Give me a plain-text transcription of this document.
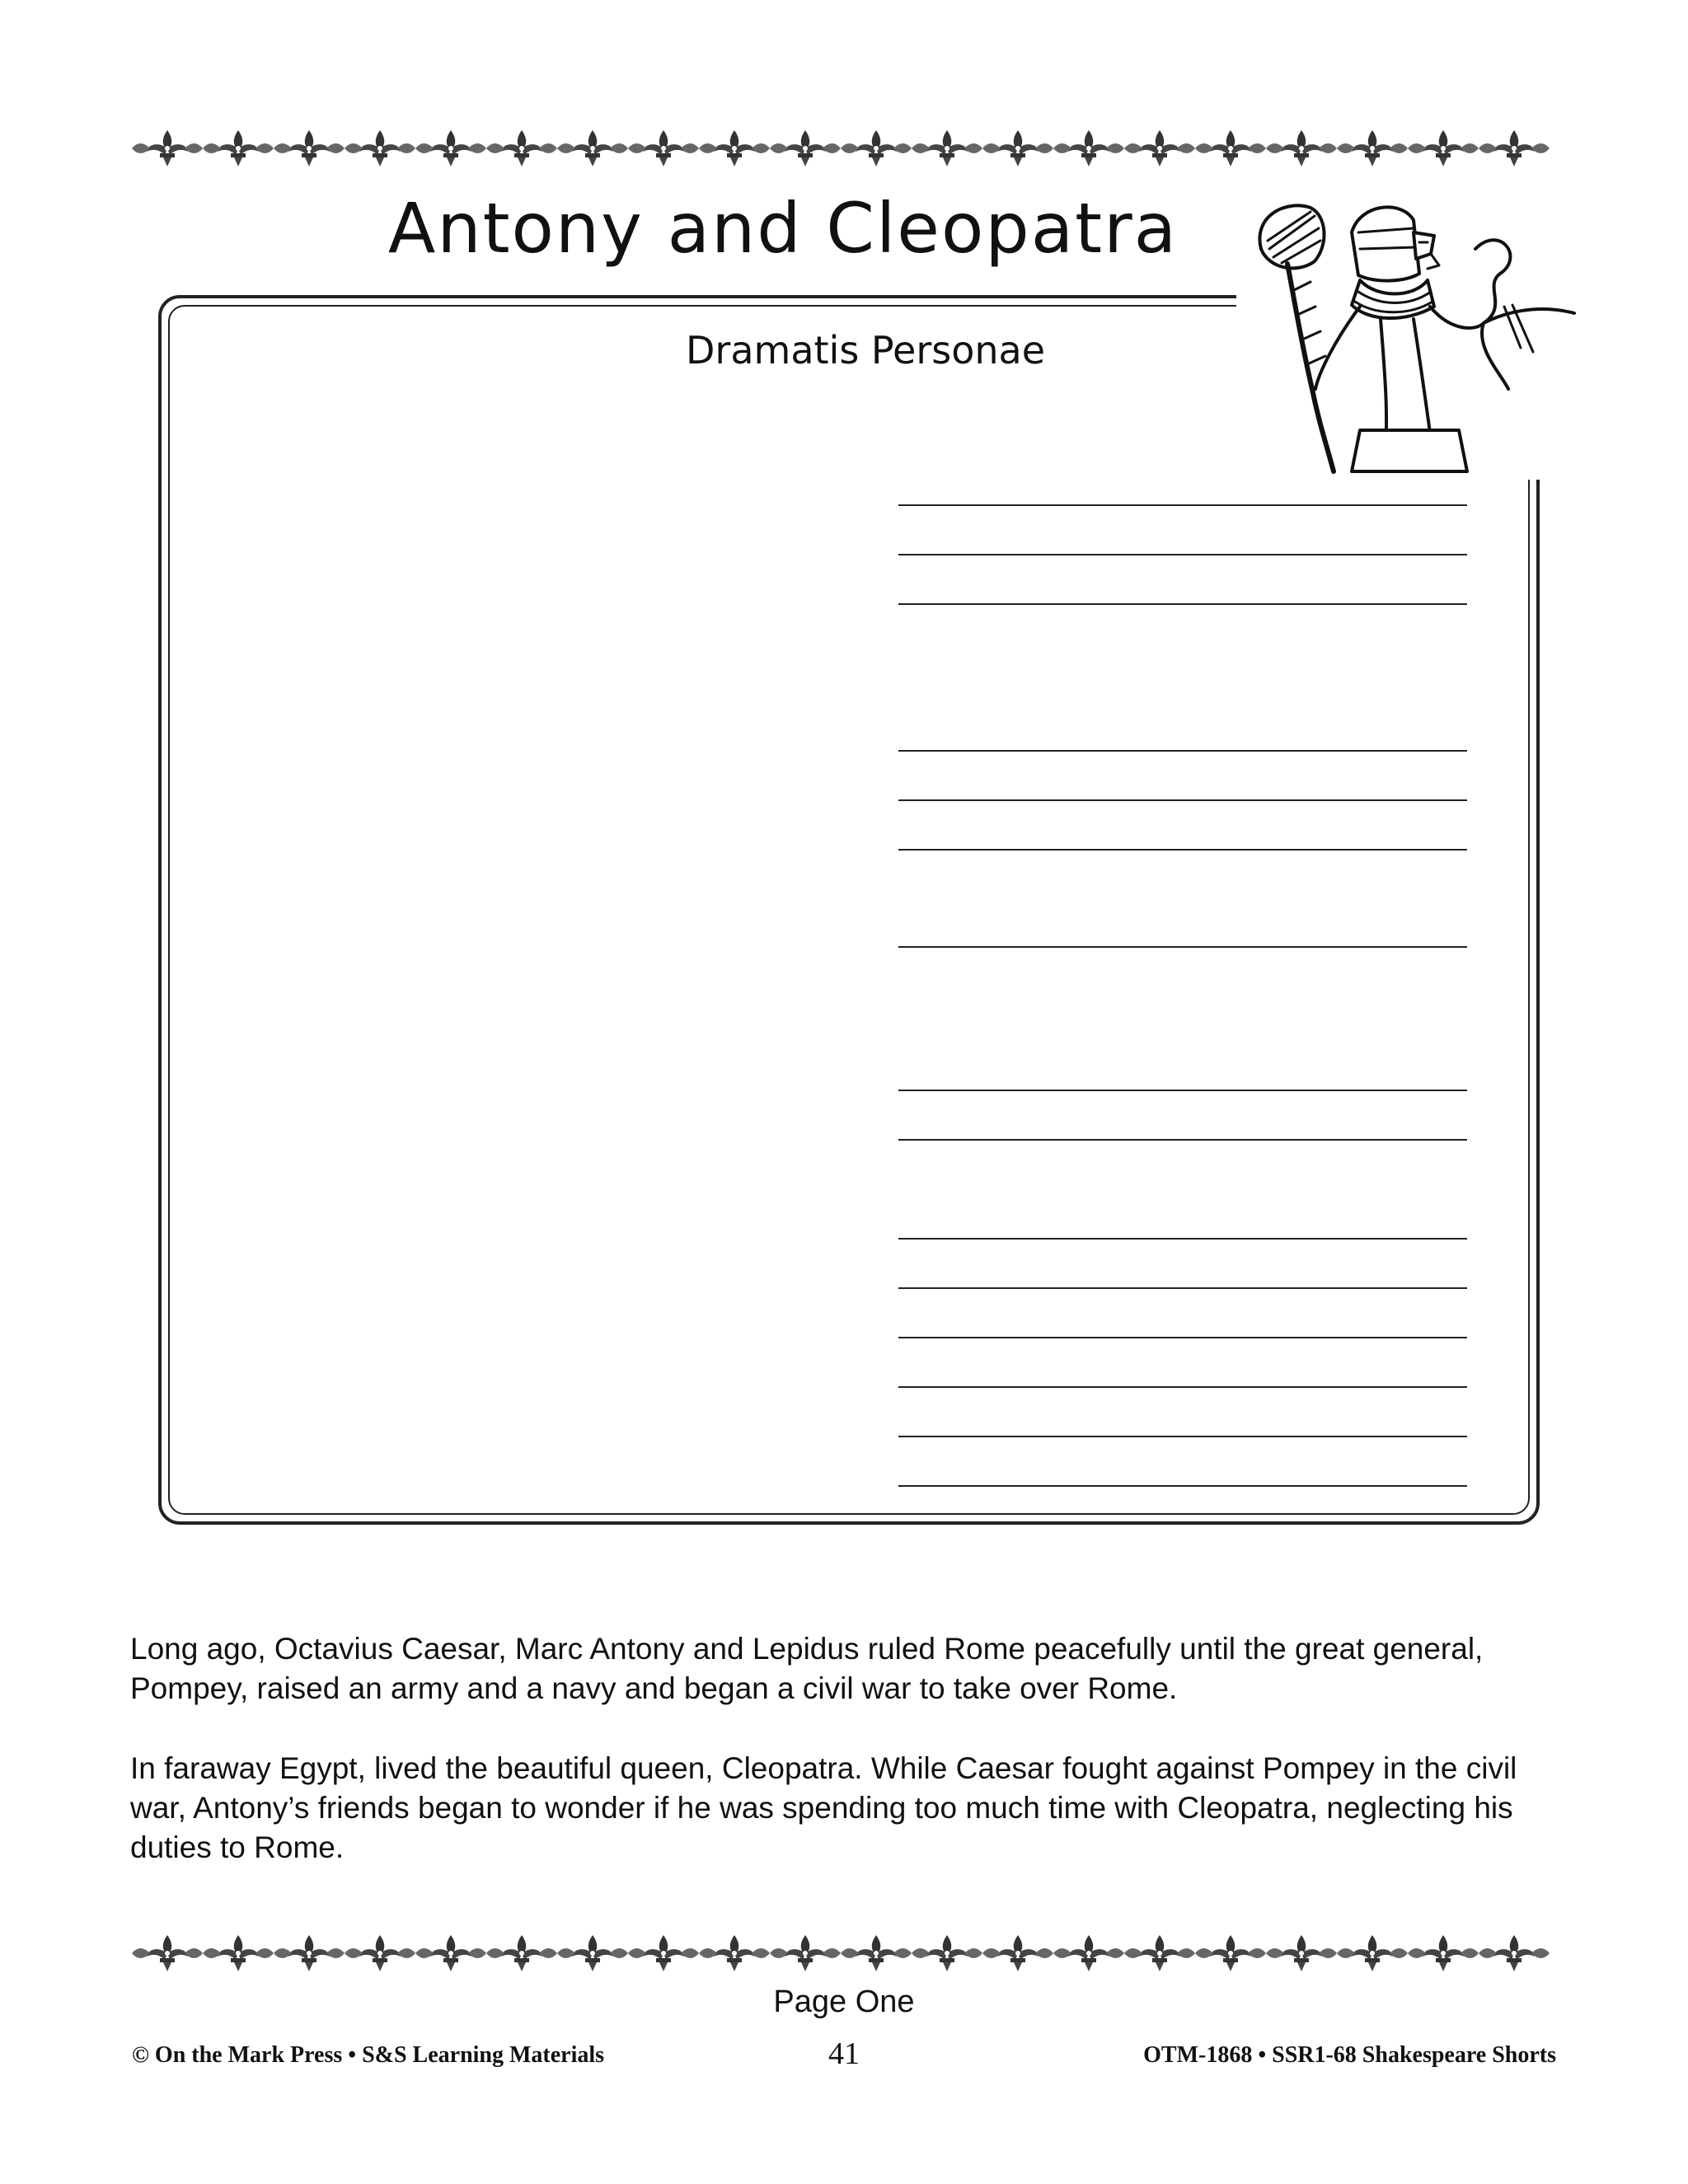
Antony and Cleopatra
Dramatis Personae

Long ago, Octavius Caesar, Marc Antony and Lepidus ruled Rome peacefully until the great general, Pompey, raised an army and a navy and began a civil war to take over Rome.

In faraway Egypt, lived the beautiful queen, Cleopatra. While Caesar fought against Pompey in the civil war, Antony’s friends began to wonder if he was spending too much time with Cleopatra, neglecting his duties to Rome.

Page One
© On the Mark Press • S&S Learning Materials	41	OTM-1868 • SSR1-68 Shakespeare Shorts
